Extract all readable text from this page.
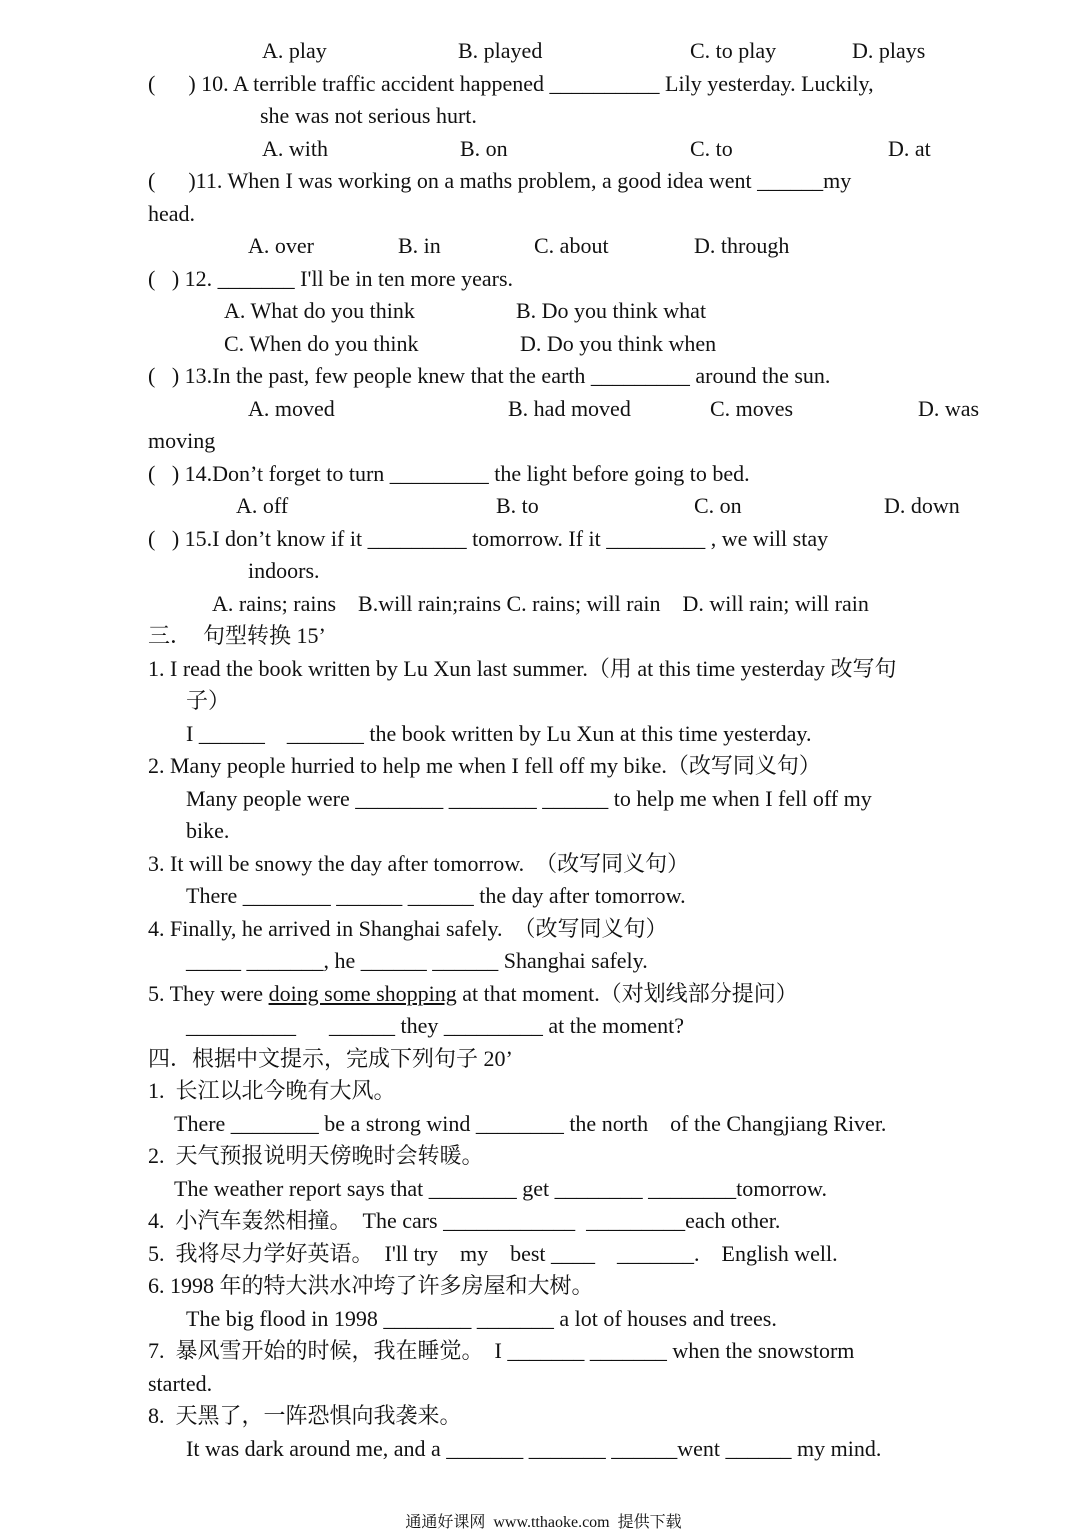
A. play	B. played	C. to play	D. plays
(      ) 10. A terrible traffic accident happened __________ Lily yesterday. Luckily,
she was not serious hurt.
A. with	B. on	C. to	D. at
(      )11. When I was working on a maths problem, a good idea went ______my
head.
A. over	B. in	C. about	D. through
(   ) 12. _______ I'll be in ten more years.
A. What do you think	B. Do you think what
C. When do you think	D. Do you think when
(   ) 13.In the past, few people knew that the earth _________ around the sun.
A. moved	B. had moved	C. moves	D. was
moving
(   ) 14.Don’t forget to turn _________ the light before going to bed.
A. off	B. to	C. on	D. down
(   ) 15.I don’t know if it _________ tomorrow. If it _________ , we will stay
indoors.
A. rains; rains    B.will rain;rains C. rains; will rain    D. will rain; will rain
三．  句型转换 15’
1. I read the book written by Lu Xun last summer.（用 at this time yesterday 改写句
子）
I ______    _______ the book written by Lu Xun at this time yesterday.
2. Many people hurried to help me when I fell off my bike.（改写同义句）
Many people were ________ ________ ______ to help me when I fell off my
bike.
3. It will be snowy the day after tomorrow.  （改写同义句）
There ________ ______ ______ the day after tomorrow.
4. Finally, he arrived in Shanghai safely.  （改写同义句）
_____ _______, he ______ ______ Shanghai safely.
5. They were doing some shopping at that moment.（对划线部分提问）
__________      ______ they _________ at the moment?
四．根据中文提示，完成下列句子 20’
1.  长江以北今晚有大风。
There ________ be a strong wind ________ the north    of the Changjiang River.
2.  天气预报说明天傍晚时会转暖。
The weather report says that ________ get ________ ________tomorrow.
4.  小汽车轰然相撞。  The cars ____________  _________each other.
5.  我将尽力学好英语。  I'll try    my    best ____    _______.    English well.
6. 1998 年的特大洪水冲垮了许多房屋和大树。
The big flood in 1998 ________ _______ a lot of houses and trees.
7.  暴风雪开始的时候，我在睡觉。  I _______ _______ when the snowstorm
started.
8.  天黑了，一阵恐惧向我袭来。
It was dark around me, and a _______ _______ ______went ______ my mind.
通通好课网  www.tthaoke.com  提供下载
